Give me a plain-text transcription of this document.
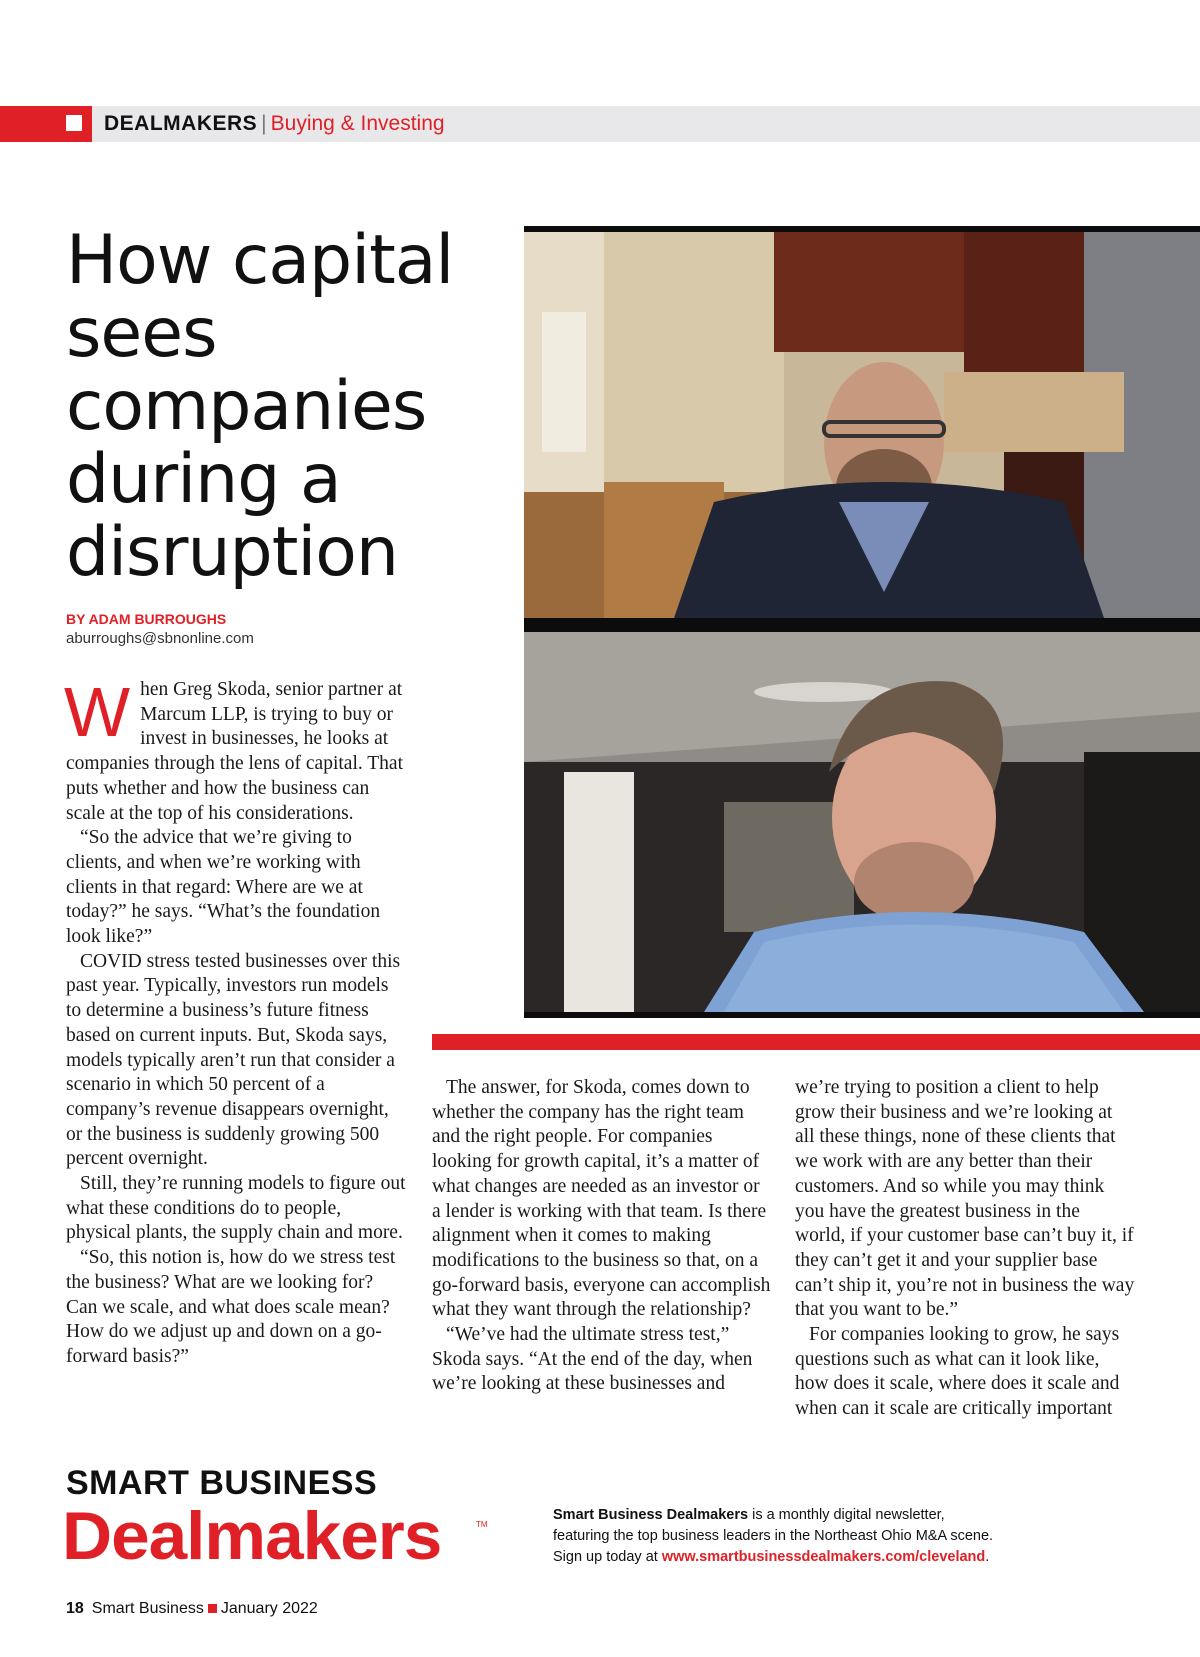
DEALMAKERS | Buying & Investing
How capital sees companies during a disruption
BY ADAM BURROUGHS
aburroughs@sbnonline.com

When Greg Skoda, senior partner at Marcum LLP, is trying to buy or invest in businesses, he looks at companies through the lens of capital. That puts whether and how the business can scale at the top of his considerations.

“So the advice that we’re giving to clients, and when we’re working with clients in that regard: Where are we at today?” he says. “What’s the foundation look like?”

COVID stress tested businesses over this past year. Typically, investors run models to determine a business’s future fitness based on current inputs. But, Skoda says, models typically aren’t run that consider a scenario in which 50 percent of a company’s revenue disappears overnight, or the business is suddenly growing 500 percent overnight.

Still, they’re running models to figure out what these conditions do to people, physical plants, the supply chain and more.

“So, this notion is, how do we stress test the business? What are we looking for? Can we scale, and what does scale mean? How do we adjust up and down on a go-forward basis?”

The answer, for Skoda, comes down to whether the company has the right team and the right people. For companies looking for growth capital, it’s a matter of what changes are needed as an investor or a lender is working with that team. Is there alignment when it comes to making modifications to the business so that, on a go-forward basis, everyone can accomplish what they want through the relationship?

“We’ve had the ultimate stress test,” Skoda says. “At the end of the day, when we’re looking at these businesses and

we’re trying to position a client to help grow their business and we’re looking at all these things, none of these clients that we work with are any better than their customers. And so while you may think you have the greatest business in the world, if your customer base can’t buy it, if they can’t get it and your supplier base can’t ship it, you’re not in business the way that you want to be.”

For companies looking to grow, he says questions such as what can it look like, how does it scale, where does it scale and when can it scale are critically important

SMART BUSINESS
Dealmakers	TM
Smart Business Dealmakers is a monthly digital newsletter,
featuring the top business leaders in the Northeast Ohio M&A scene.
Sign up today at www.smartbusinessdealmakers.com/cleveland.
18 Smart Business January 2022
